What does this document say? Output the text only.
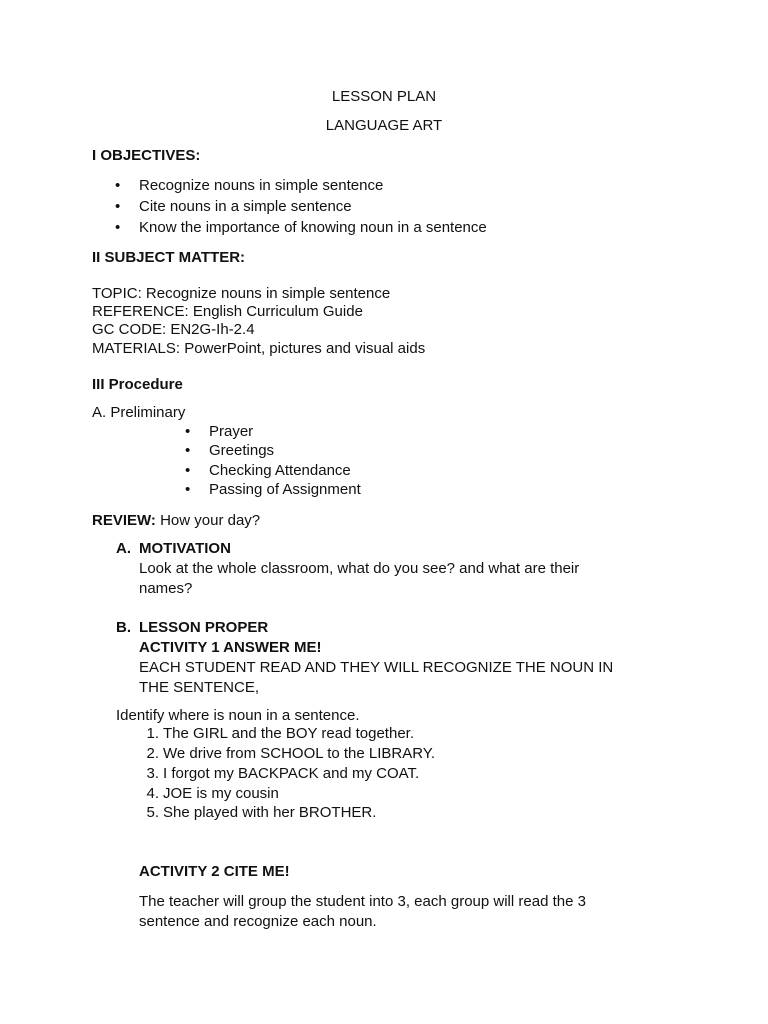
LESSON PLAN
LANGUAGE ART
I OBJECTIVES:
• Recognize nouns in simple sentence
• Cite nouns in a simple sentence
• Know the importance of knowing noun in a sentence
II SUBJECT MATTER:
TOPIC: Recognize nouns in simple sentence
REFERENCE: English Curriculum Guide
GC CODE: EN2G-Ih-2.4
MATERIALS: PowerPoint, pictures and visual aids
III Procedure
A. Preliminary
• Prayer
• Greetings
• Checking Attendance
• Passing of Assignment
REVIEW: How your day?
A. MOTIVATION
Look at the whole classroom, what do you see? and what are their
names?
B. LESSON PROPER
ACTIVITY 1 ANSWER ME!
EACH STUDENT READ AND THEY WILL RECOGNIZE THE NOUN IN
THE SENTENCE,
Identify where is noun in a sentence.
1. The GIRL and the BOY read together.
2. We drive from SCHOOL to the LIBRARY.
3. I forgot my BACKPACK and my COAT.
4. JOE is my cousin
5. She played with her BROTHER.
ACTIVITY 2 CITE ME!
The teacher will group the student into 3, each group will read the 3
sentence and recognize each noun.
